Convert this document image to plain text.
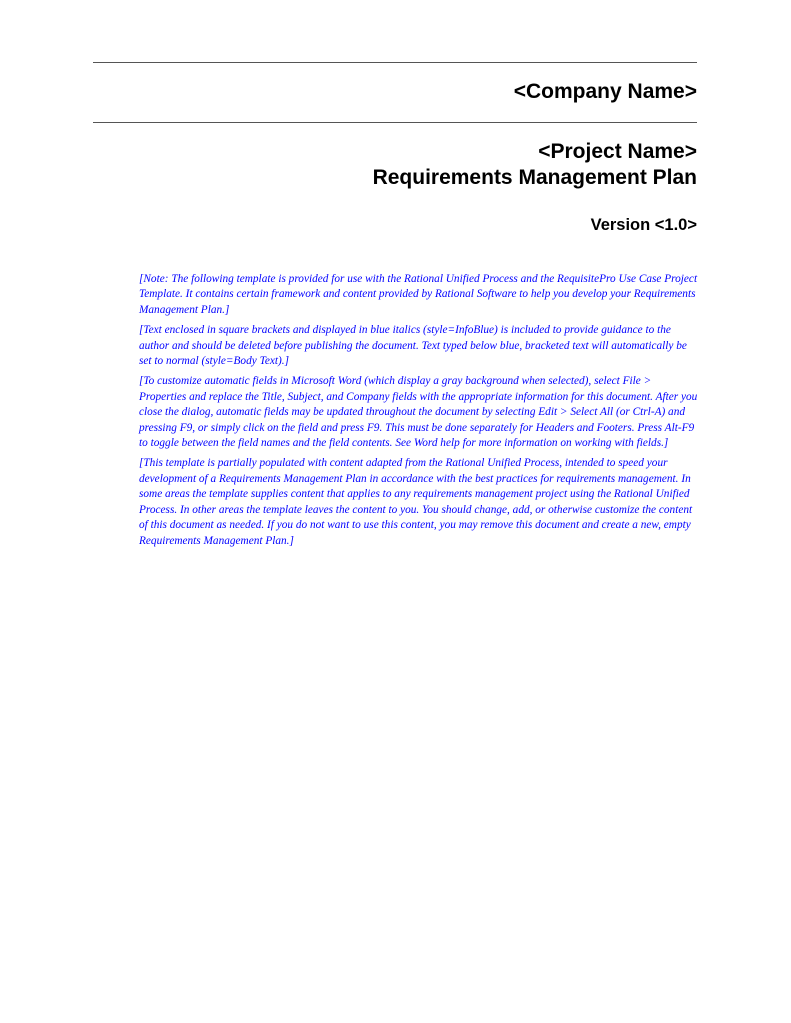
<Company Name>
<Project Name>
Requirements Management Plan
Version <1.0>

[Note: The following template is provided for use with the Rational Unified Process and the RequisitePro Use Case Project Template. It contains certain framework and content provided by Rational Software to help you develop your Requirements Management Plan.]

[Text enclosed in square brackets and displayed in blue italics (style=InfoBlue) is included to provide guidance to the author and should be deleted before publishing the document. Text typed below blue, bracketed text will automatically be set to normal (style=Body Text).]

[To customize automatic fields in Microsoft Word (which display a gray background when selected), select File > Properties and replace the Title, Subject, and Company fields with the appropriate information for this document. After you close the dialog, automatic fields may be updated throughout the document by selecting Edit > Select All (or Ctrl-A) and pressing F9, or simply click on the field and press F9. This must be done separately for Headers and Footers. Press Alt-F9 to toggle between the field names and the field contents. See Word help for more information on working with fields.]

[This template is partially populated with content adapted from the Rational Unified Process, intended to speed your development of a Requirements Management Plan in accordance with the best practices for requirements management. In some areas the template supplies content that applies to any requirements management project using the Rational Unified Process. In other areas the template leaves the content to you. You should change, add, or otherwise customize the content of this document as needed. If you do not want to use this content, you may remove this document and create a new, empty Requirements Management Plan.]
